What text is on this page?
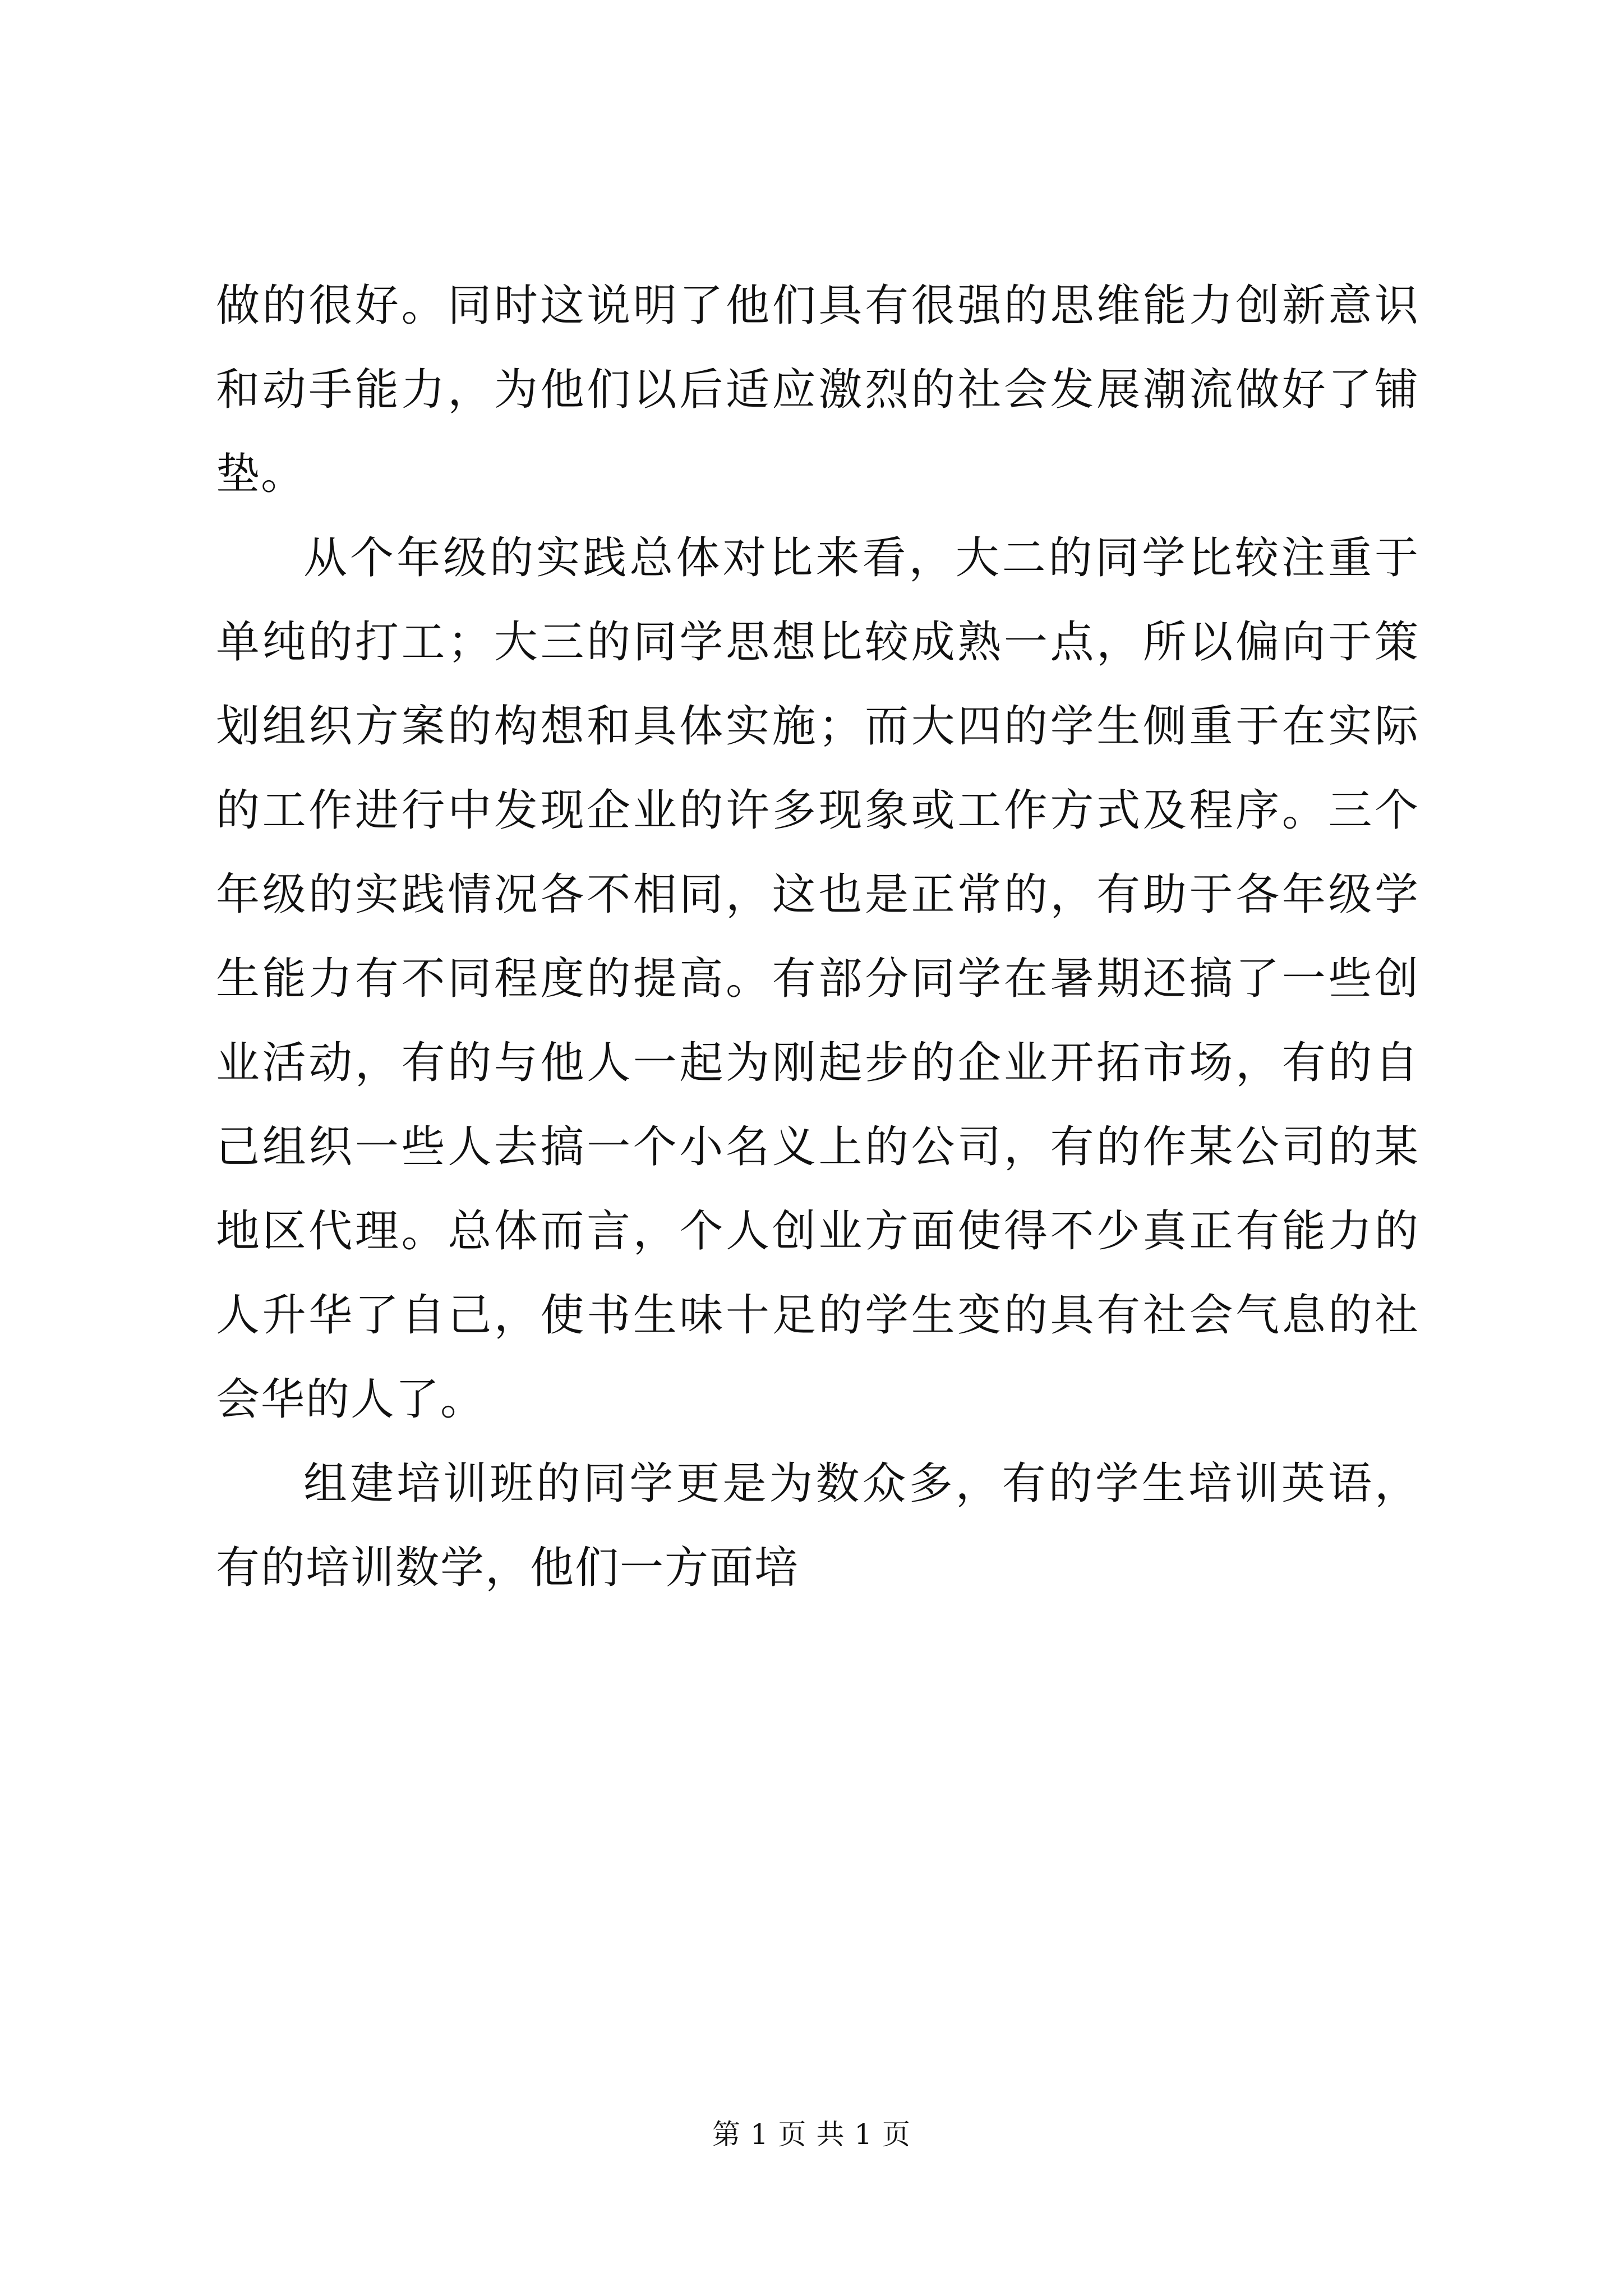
做的很好。同时这说明了他们具有很强的思维能力创新意识和动手能力，为他们以后适应激烈的社会发展潮流做好了铺垫。

从个年级的实践总体对比来看，大二的同学比较注重于单纯的打工；大三的同学思想比较成熟一点，所以偏向于策划组织方案的构想和具体实施；而大四的学生侧重于在实际的工作进行中发现企业的许多现象或工作方式及程序。三个年级的实践情况各不相同，这也是正常的，有助于各年级学生能力有不同程度的提高。有部分同学在暑期还搞了一些创业活动，有的与他人一起为刚起步的企业开拓市场，有的自己组织一些人去搞一个小名义上的公司，有的作某公司的某地区代理。总体而言，个人创业方面使得不少真正有能力的人升华了自己，使书生味十足的学生变的具有社会气息的社会华的人了。

组建培训班的同学更是为数众多，有的学生培训英语，有的培训数学，他们一方面培

第 1 页 共 1 页
